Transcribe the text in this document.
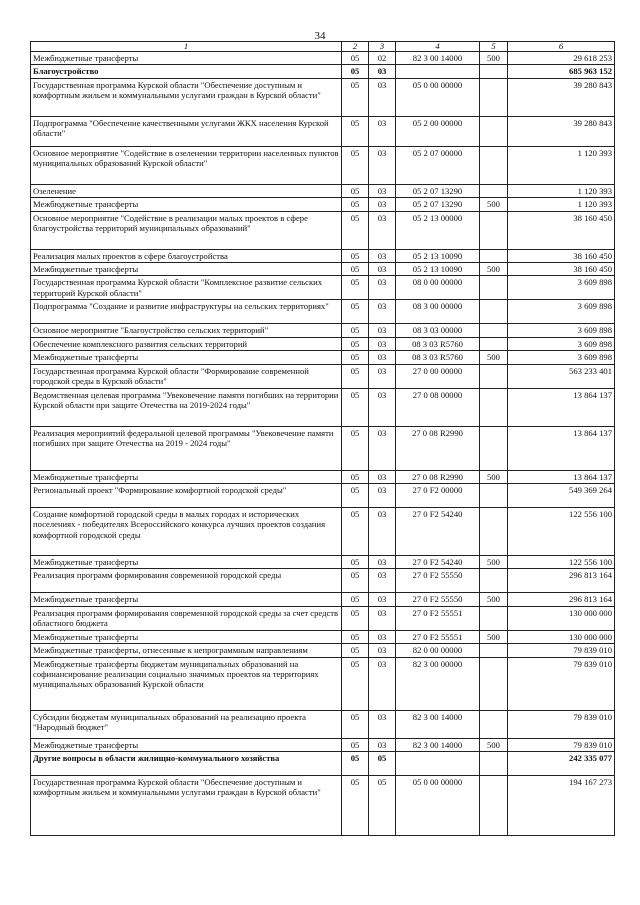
34
1	2	3	4	5	6
Межбюджетные трансферты	05	02	82 3 00 14000	500	29 618 253
Благоустройство	05	03			685 963 152
Государственная программа Курской области "Обеспечение доступным и комфортным жильем и коммунальными услугами граждан в Курской области"	05	03	05 0 00 00000		39 280 843
Подпрограмма "Обеспечение качественными услугами ЖКХ населения Курской области"	05	03	05 2 00 00000		39 280 843
Основное мероприятие "Содействие в озеленении территории населенных пунктов муниципальных образований Курской области"	05	03	05 2 07 00000		1 120 393
Озеленение	05	03	05 2 07 13290		1 120 393
Межбюджетные трансферты	05	03	05 2 07 13290	500	1 120 393
Основное мероприятие "Содействие в реализации малых проектов в сфере благоустройства территорий муниципальных образований"	05	03	05 2 13 00000		38 160 450
Реализация малых проектов в сфере благоустройства	05	03	05 2 13 10090		38 160 450
Межбюджетные трансферты	05	03	05 2 13 10090	500	38 160 450
Государственная программа Курской области "Комплексное развитие сельских территорий Курской области"	05	03	08 0 00 00000		3 609 898
Подпрограмма "Создание и развитие инфраструктуры на сельских территориях"	05	03	08 3 00 00000		3 609 898
Основное мероприятие "Благоустройство сельских территорий"	05	03	08 3 03 00000		3 609 898
Обеспечение комплексного развития сельских территорий	05	03	08 3 03 R5760		3 609 898
Межбюджетные трансферты	05	03	08 3 03 R5760	500	3 609 898
Государственная программа Курской области "Формирование современной городской среды в Курской области"	05	03	27 0 00 00000		563 233 401
Ведомственная целевая программа "Увековечение памяти погибших на территории Курской области при защите Отечества на 2019-2024 годы"	05	03	27 0 08 00000		13 864 137
Реализация мероприятий федеральной целевой программы "Увековечение памяти погибших при защите Отечества на 2019 - 2024 годы"	05	03	27 0 08 R2990		13 864 137
Межбюджетные трансферты	05	03	27 0 08 R2990	500	13 864 137
Региональный проект "Формирование комфортной городской среды"	05	03	27 0 F2 00000		549 369 264
Создание комфортной городской среды в малых городах и исторических поселениях - победителях Всероссийского конкурса лучших проектов создания комфортной городской среды	05	03	27 0 F2 54240		122 556 100
Межбюджетные трансферты	05	03	27 0 F2 54240	500	122 556 100
Реализация программ формирования современной городской среды	05	03	27 0 F2 55550		296 813 164
Межбюджетные трансферты	05	03	27 0 F2 55550	500	296 813 164
Реализация программ формирования современной городской среды за счет средств областного бюджета	05	03	27 0 F2 55551		130 000 000
Межбюджетные трансферты	05	03	27 0 F2 55551	500	130 000 000
Межбюджетные трансферты, отнесенные к непрограммным направлениям	05	03	82 0 00 00000		79 839 010
Межбюджетные трансферты бюджетам муниципальных образований на софинансирование реализации социально значимых проектов на территориях муниципальных образований Курской области	05	03	82 3 00 00000		79 839 010
Субсидии бюджетам муниципальных образований на реализацию проекта "Народный бюджет"	05	03	82 3 00 14000		79 839 010
Межбюджетные трансферты	05	03	82 3 00 14000	500	79 839 010
Другие вопросы в области жилищно-коммунального хозяйства	05	05			242 335 077
Государственная программа Курской области "Обеспечение доступным и комфортным жильем и коммунальными услугами граждан в Курской области"	05	05	05 0 00 00000		194 167 273
